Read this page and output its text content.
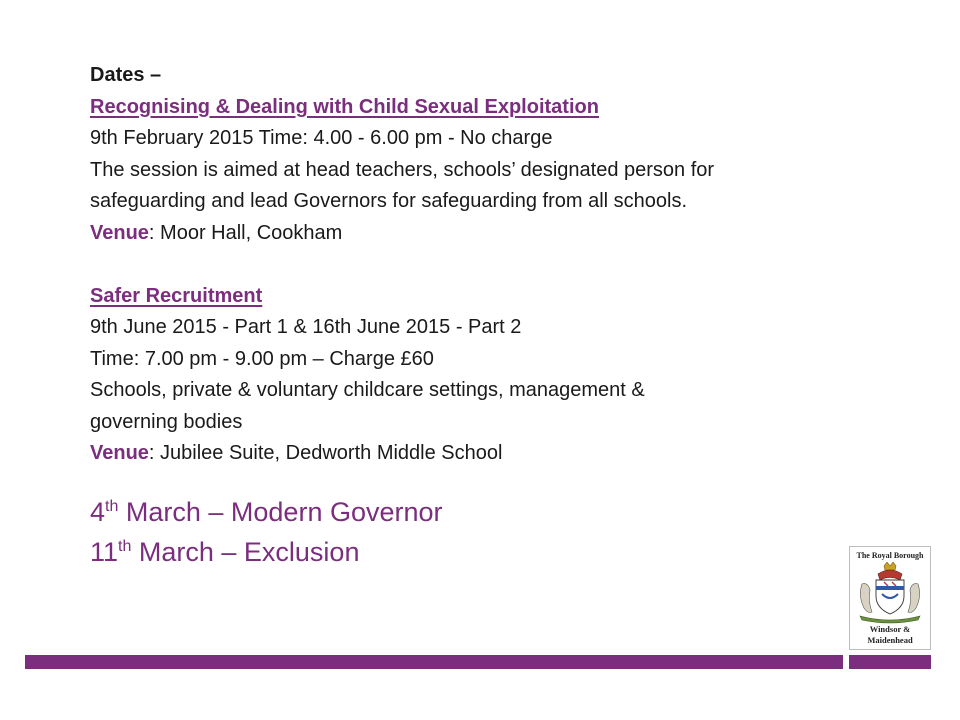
Dates –
Recognising & Dealing with Child Sexual Exploitation
9th February 2015 Time: 4.00 - 6.00 pm - No charge
The session is aimed at head teachers, schools’ designated person for
safeguarding and lead Governors for safeguarding from all schools.
Venue: Moor Hall, Cookham
Safer Recruitment
9th June 2015 - Part 1 & 16th June 2015 - Part 2
Time: 7.00 pm - 9.00 pm – Charge £60
Schools, private & voluntary childcare settings, management &
governing bodies
Venue: Jubilee Suite, Dedworth Middle School
4th March – Modern Governor
11th March – Exclusion	The Royal Borough
Windsor &
Maidenhead
